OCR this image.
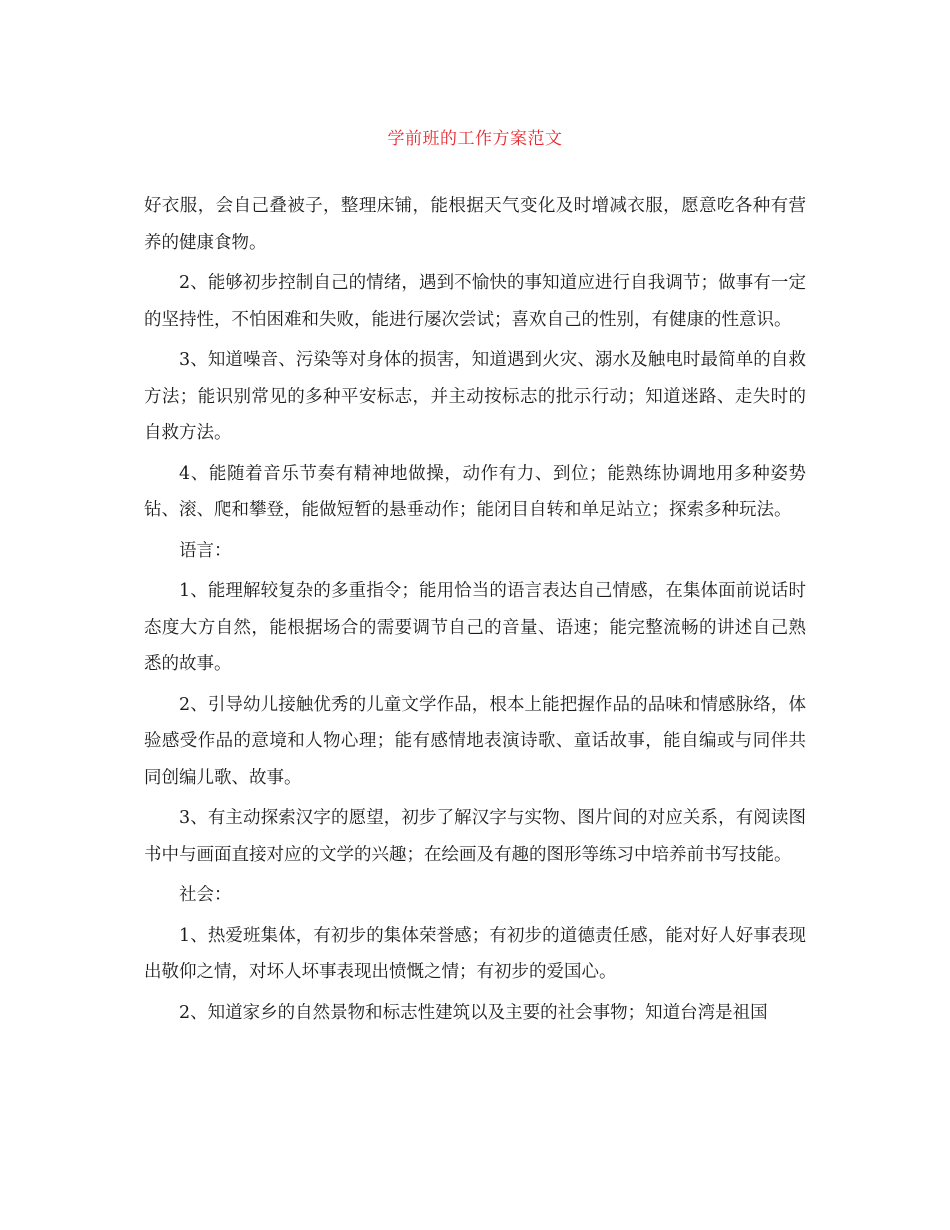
学前班的工作方案范文

好衣服，会自己叠被子，整理床铺，能根据天气变化及时增减衣服，愿意吃各种有营养的健康食物。

2、能够初步控制自己的情绪，遇到不愉快的事知道应进行自我调节；做事有一定的坚持性，不怕困难和失败，能进行屡次尝试；喜欢自己的性别，有健康的性意识。

3、知道噪音、污染等对身体的损害，知道遇到火灾、溺水及触电时最简单的自救方法；能识别常见的多种平安标志，并主动按标志的批示行动；知道迷路、走失时的自救方法。

4、能随着音乐节奏有精神地做操，动作有力、到位；能熟练协调地用多种姿势钻、滚、爬和攀登，能做短暂的悬垂动作；能闭目自转和单足站立；探索多种玩法。

语言：

1、能理解较复杂的多重指令；能用恰当的语言表达自己情感，在集体面前说话时态度大方自然，能根据场合的需要调节自己的音量、语速；能完整流畅的讲述自己熟悉的故事。

2、引导幼儿接触优秀的儿童文学作品，根本上能把握作品的品味和情感脉络，体验感受作品的意境和人物心理；能有感情地表演诗歌、童话故事，能自编或与同伴共同创编儿歌、故事。

3、有主动探索汉字的愿望，初步了解汉字与实物、图片间的对应关系，有阅读图书中与画面直接对应的文学的兴趣；在绘画及有趣的图形等练习中培养前书写技能。

社会：

1、热爱班集体，有初步的集体荣誉感；有初步的道德责任感，能对好人好事表现出敬仰之情，对坏人坏事表现出愤慨之情；有初步的爱国心。

2、知道家乡的自然景物和标志性建筑以及主要的社会事物；知道台湾是祖国
